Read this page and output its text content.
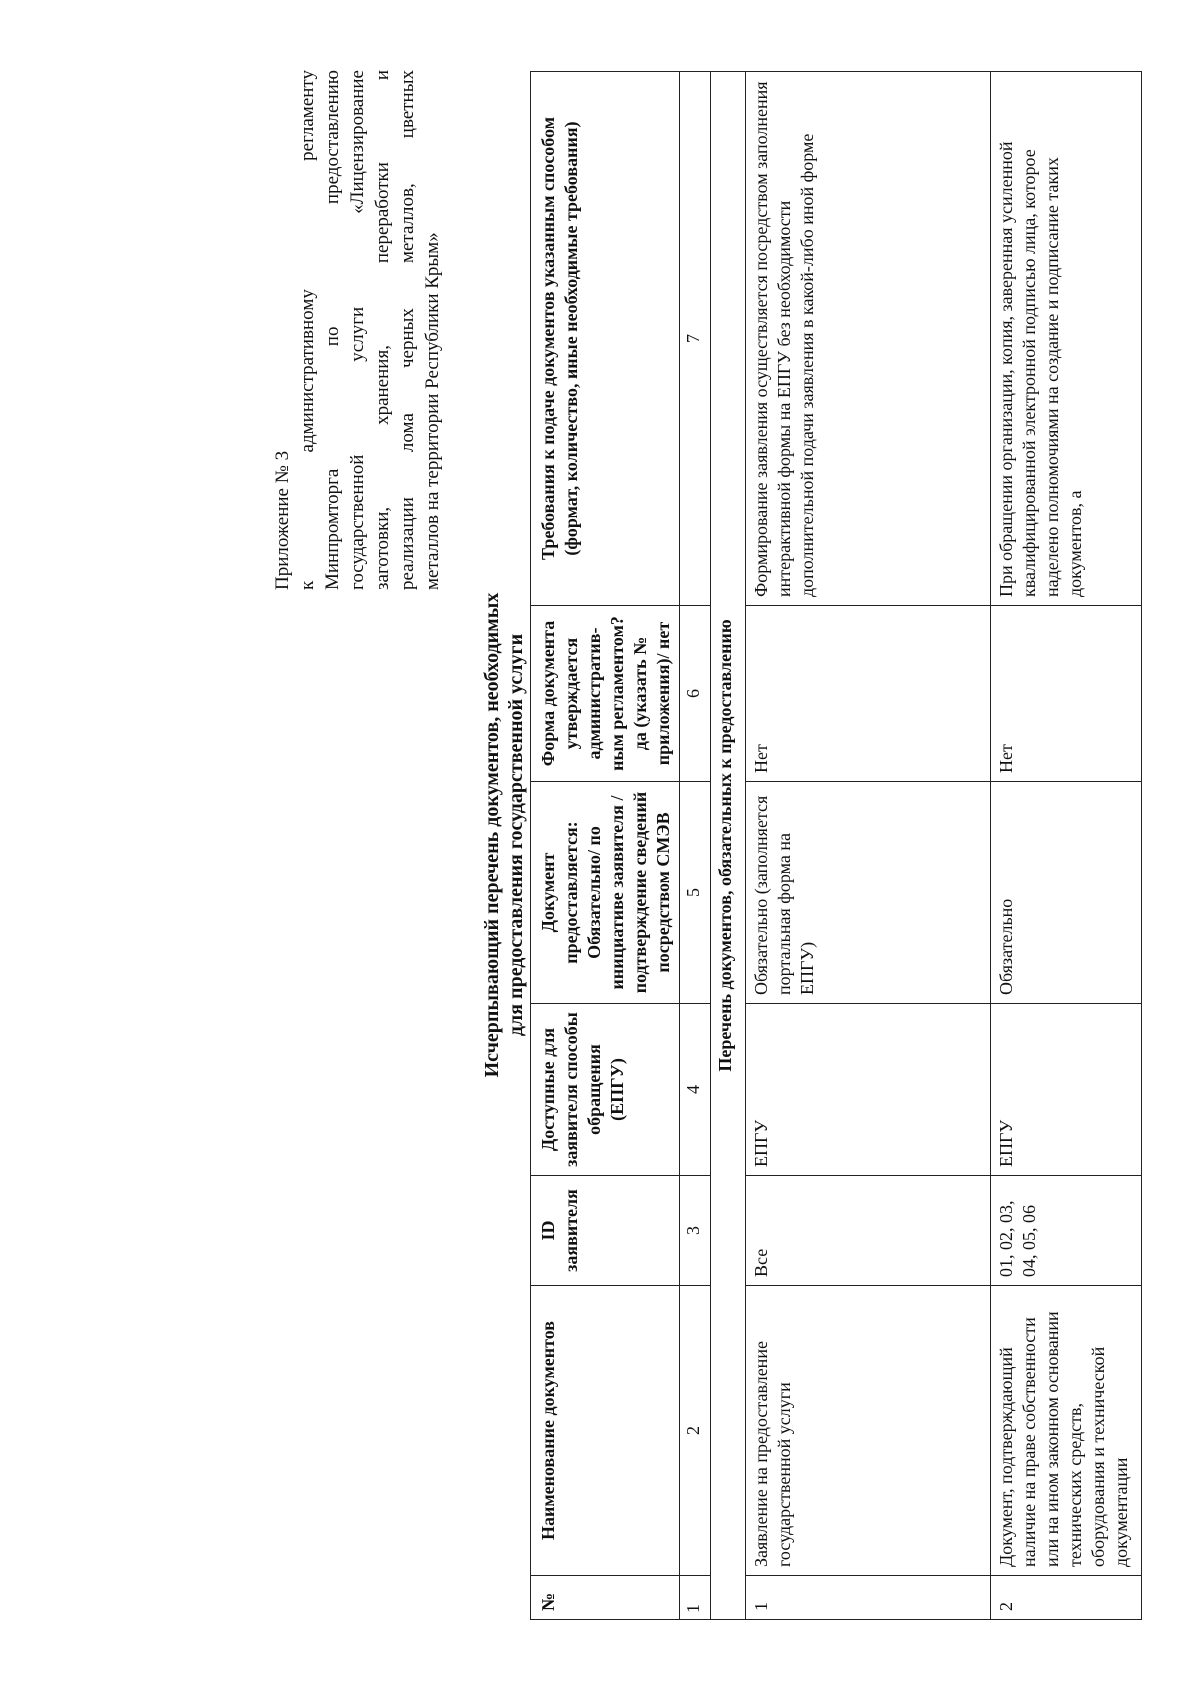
Приложение № 3 к административному регламенту Минпромторга по предоставлению государственной услуги «Лицензирование заготовки, хранения, переработки и реализации лома черных металлов, цветных металлов на территории Республики Крым»
Исчерпывающий перечень документов, необходимых для предоставления государственной услуги
№	Наименование документов	ID заявителя	Доступные для заявителя способы обращения (ЕПГУ)	Документ предоставляется: Обязательно/ по инициативе заявителя /подтверждение сведений посредством СМЭВ	Форма документа утверждается административ-ным регламентом? да (указать № приложения)/ нет	Требования к подаче документов указанным способом (формат, количество, иные необходимые требования)
1	2	3	4	5	6	7
Перечень документов, обязательных к предоставлению						
1	Заявление на предоставление государственной услуги	Все	ЕПГУ	Обязательно (заполняется портальная форма на ЕПГУ)	Нет	Формирование заявления осуществляется посредством заполнения интерактивной формы на ЕПГУ без необходимости дополнительной подачи заявления в какой-либо иной форме
2	Документ, подтверждающий наличие на праве собственности или на ином законном основании технических средств, оборудования и технической документации	01, 02, 03, 04, 05, 06	ЕПГУ	Обязательно	Нет	При обращении организации, копия, заверенная усиленной квалифицированной электронной подписью лица, которое наделено полномочиями на создание и подписание таких документов, а
